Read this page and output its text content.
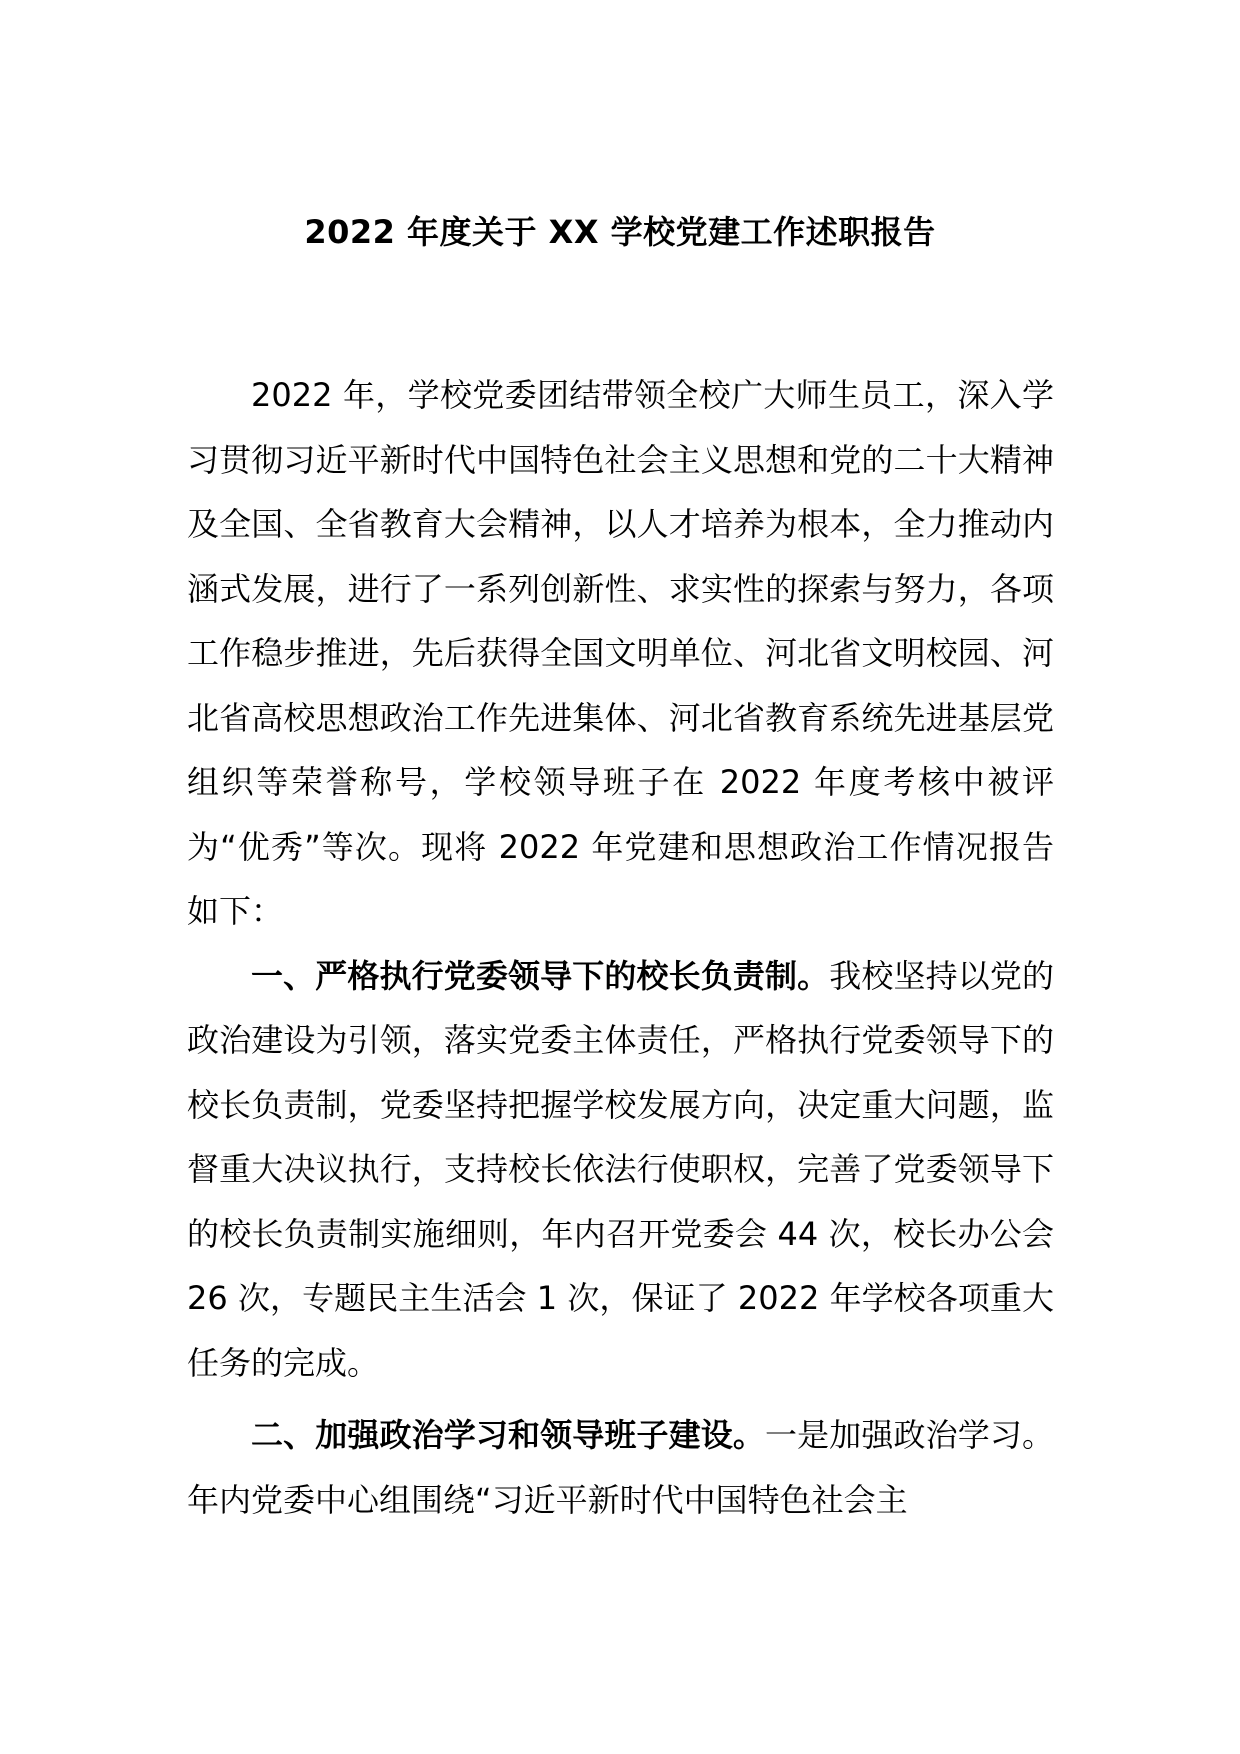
2022 年度关于 XX 学校党建工作述职报告

2022 年，学校党委团结带领全校广大师生员工，深入学习贯彻习近平新时代中国特色社会主义思想和党的二十大精神及全国、全省教育大会精神，以人才培养为根本，全力推动内涵式发展，进行了一系列创新性、求实性的探索与努力，各项工作稳步推进，先后获得全国文明单位、河北省文明校园、河北省高校思想政治工作先进集体、河北省教育系统先进基层党组织等荣誉称号，学校领导班子在 2022 年度考核中被评为“优秀”等次。现将 2022 年党建和思想政治工作情况报告如下：

一、严格执行党委领导下的校长负责制。我校坚持以党的政治建设为引领，落实党委主体责任，严格执行党委领导下的校长负责制，党委坚持把握学校发展方向，决定重大问题，监督重大决议执行，支持校长依法行使职权，完善了党委领导下的校长负责制实施细则，年内召开党委会 44 次，校长办公会 26 次，专题民主生活会 1 次，保证了 2022 年学校各项重大任务的完成。

二、加强政治学习和领导班子建设。一是加强政治学习。年内党委中心组围绕“习近平新时代中国特色社会主
